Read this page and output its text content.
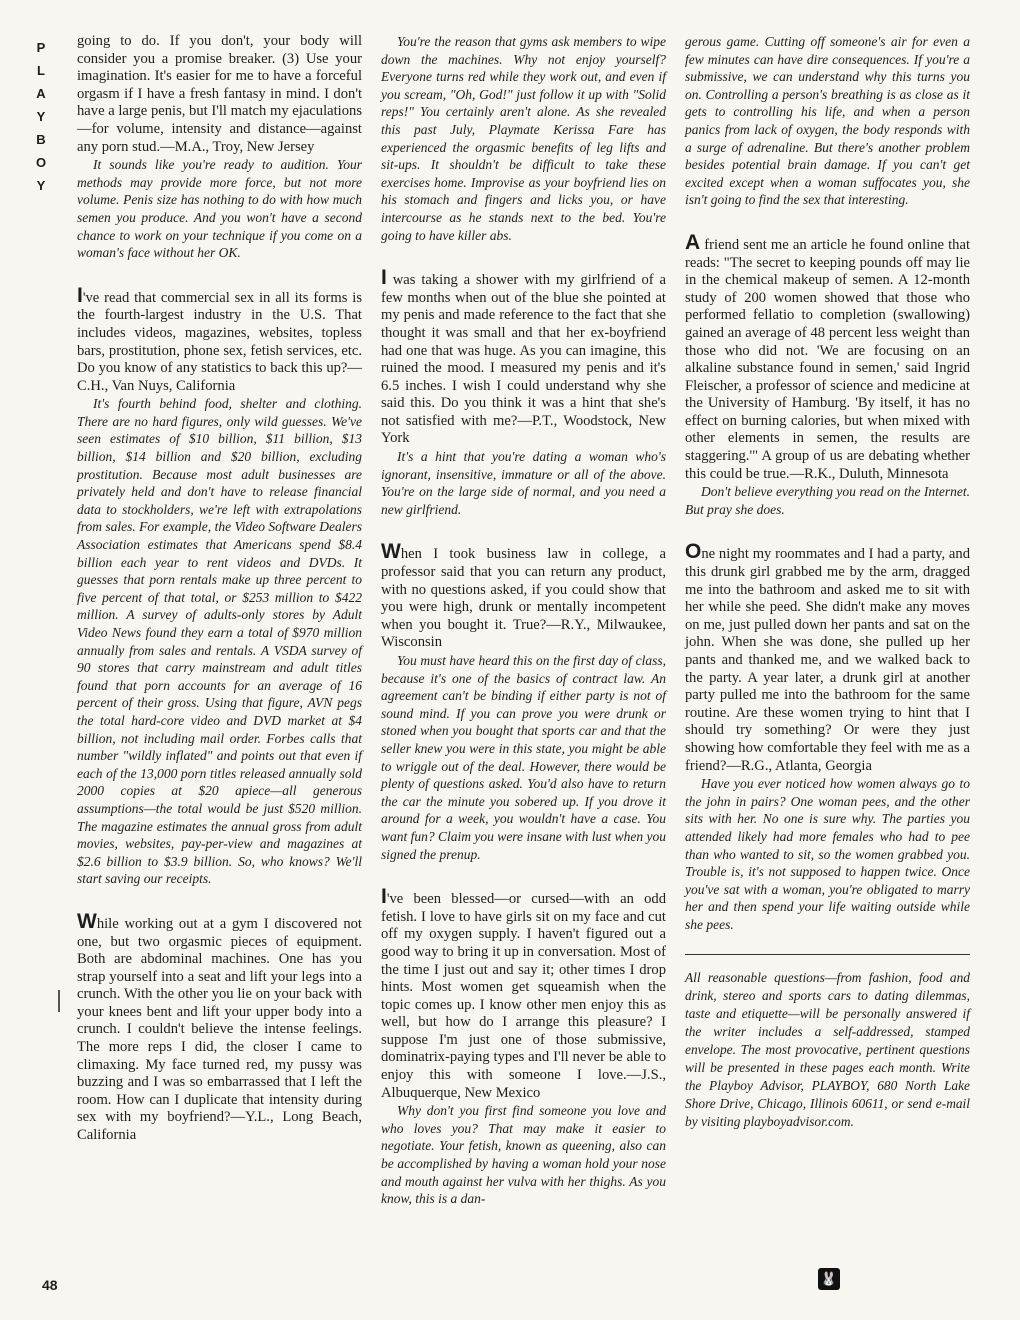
P
L
A
Y
B
O
Y

going to do. If you don't, your body will consider you a promise breaker. (3) Use your imagination. It's easier for me to have a forceful orgasm if I have a fresh fantasy in mind. I don't have a large penis, but I'll match my ejaculations—for volume, intensity and distance—against any porn stud.—M.A., Troy, New Jersey

It sounds like you're ready to audition. Your methods may provide more force, but not more volume. Penis size has nothing to do with how much semen you produce. And you won't have a second chance to work on your technique if you come on a woman's face without her OK.

I've read that commercial sex in all its forms is the fourth-largest industry in the U.S. That includes videos, magazines, websites, topless bars, prostitution, phone sex, fetish services, etc. Do you know of any statistics to back this up?—C.H., Van Nuys, California

It's fourth behind food, shelter and clothing. There are no hard figures, only wild guesses. We've seen estimates of $10 billion, $11 billion, $13 billion, $14 billion and $20 billion, excluding prostitution. Because most adult businesses are privately held and don't have to release financial data to stockholders, we're left with extrapolations from sales. For example, the Video Software Dealers Association estimates that Americans spend $8.4 billion each year to rent videos and DVDs. It guesses that porn rentals make up three percent to five percent of that total, or $253 million to $422 million. A survey of adults-only stores by Adult Video News found they earn a total of $970 million annually from sales and rentals. A VSDA survey of 90 stores that carry mainstream and adult titles found that porn accounts for an average of 16 percent of their gross. Using that figure, AVN pegs the total hard-core video and DVD market at $4 billion, not including mail order. Forbes calls that number "wildly inflated" and points out that even if each of the 13,000 porn titles released annually sold 2000 copies at $20 apiece—all generous assumptions—the total would be just $520 million. The magazine estimates the annual gross from adult movies, websites, pay-per-view and magazines at $2.6 billion to $3.9 billion. So, who knows? We'll start saving our receipts.

While working out at a gym I discovered not one, but two orgasmic pieces of equipment. Both are abdominal machines. One has you strap yourself into a seat and lift your legs into a crunch. With the other you lie on your back with your knees bent and lift your upper body into a crunch. I couldn't believe the intense feelings. The more reps I did, the closer I came to climaxing. My face turned red, my pussy was buzzing and I was so embarrassed that I left the room. How can I duplicate that intensity during sex with my boyfriend?—Y.L., Long Beach, California

You're the reason that gyms ask members to wipe down the machines. Why not enjoy yourself? Everyone turns red while they work out, and even if you scream, "Oh, God!" just follow it up with "Solid reps!" You certainly aren't alone. As she revealed this past July, Playmate Kerissa Fare has experienced the orgasmic benefits of leg lifts and sit-ups. It shouldn't be difficult to take these exercises home. Improvise as your boyfriend lies on his stomach and fingers and licks you, or have intercourse as he stands next to the bed. You're going to have killer abs.

I was taking a shower with my girlfriend of a few months when out of the blue she pointed at my penis and made reference to the fact that she thought it was small and that her ex-boyfriend had one that was huge. As you can imagine, this ruined the mood. I measured my penis and it's 6.5 inches. I wish I could understand why she said this. Do you think it was a hint that she's not satisfied with me?—P.T., Woodstock, New York

It's a hint that you're dating a woman who's ignorant, insensitive, immature or all of the above. You're on the large side of normal, and you need a new girlfriend.

When I took business law in college, a professor said that you can return any product, with no questions asked, if you could show that you were high, drunk or mentally incompetent when you bought it. True?—R.Y., Milwaukee, Wisconsin

You must have heard this on the first day of class, because it's one of the basics of contract law. An agreement can't be binding if either party is not of sound mind. If you can prove you were drunk or stoned when you bought that sports car and that the seller knew you were in this state, you might be able to wriggle out of the deal. However, there would be plenty of questions asked. You'd also have to return the car the minute you sobered up. If you drove it around for a week, you wouldn't have a case. You want fun? Claim you were insane with lust when you signed the prenup.

I've been blessed—or cursed—with an odd fetish. I love to have girls sit on my face and cut off my oxygen supply. I haven't figured out a good way to bring it up in conversation. Most of the time I just out and say it; other times I drop hints. Most women get squeamish when the topic comes up. I know other men enjoy this as well, but how do I arrange this pleasure? I suppose I'm just one of those submissive, dominatrix-paying types and I'll never be able to enjoy this with someone I love.—J.S., Albuquerque, New Mexico

Why don't you first find someone you love and who loves you? That may make it easier to negotiate. Your fetish, known as queening, also can be accomplished by having a woman hold your nose and mouth against her vulva with her thighs. As you know, this is a dan-

gerous game. Cutting off someone's air for even a few minutes can have dire consequences. If you're a submissive, we can understand why this turns you on. Controlling a person's breathing is as close as it gets to controlling his life, and when a person panics from lack of oxygen, the body responds with a surge of adrenaline. But there's another problem besides potential brain damage. If you can't get excited except when a woman suffocates you, she isn't going to find the sex that interesting.

A friend sent me an article he found online that reads: "The secret to keeping pounds off may lie in the chemical makeup of semen. A 12-month study of 200 women showed that those who performed fellatio to completion (swallowing) gained an average of 48 percent less weight than those who did not. 'We are focusing on an alkaline substance found in semen,' said Ingrid Fleischer, a professor of science and medicine at the University of Hamburg. 'By itself, it has no effect on burning calories, but when mixed with other elements in semen, the results are staggering.'" A group of us are debating whether this could be true.—R.K., Duluth, Minnesota

Don't believe everything you read on the Internet. But pray she does.

One night my roommates and I had a party, and this drunk girl grabbed me by the arm, dragged me into the bathroom and asked me to sit with her while she peed. She didn't make any moves on me, just pulled down her pants and sat on the john. When she was done, she pulled up her pants and thanked me, and we walked back to the party. A year later, a drunk girl at another party pulled me into the bathroom for the same routine. Are these women trying to hint that I should try something? Or were they just showing how comfortable they feel with me as a friend?—R.G., Atlanta, Georgia

Have you ever noticed how women always go to the john in pairs? One woman pees, and the other sits with her. No one is sure why. The parties you attended likely had more females who had to pee than who wanted to sit, so the women grabbed you. Trouble is, it's not supposed to happen twice. Once you've sat with a woman, you're obligated to marry her and then spend your life waiting outside while she pees.

All reasonable questions—from fashion, food and drink, stereo and sports cars to dating dilemmas, taste and etiquette—will be personally answered if the writer includes a self-addressed, stamped envelope. The most provocative, pertinent questions will be presented in these pages each month. Write the Playboy Advisor, PLAYBOY, 680 North Lake Shore Drive, Chicago, Illinois 60611, or send e-mail by visiting playboyadvisor.com.

48	🐰
